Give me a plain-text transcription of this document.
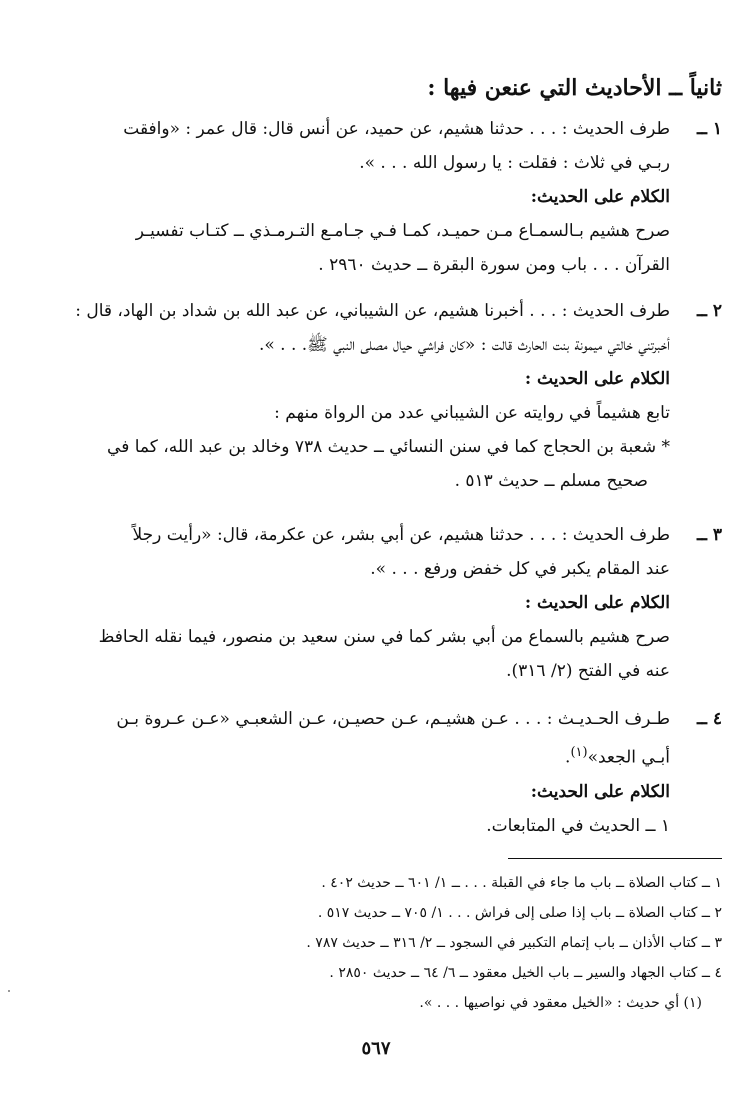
ثانياً ــ الأحاديث التي عنعن فيها :
١ ــطرف الحديث : . . . حدثنا هشيم، عن حميد، عن أنس قال: قال عمر : «وافقت
ربـي في ثلاث : فقلت : يا رسول الله . . . ».
الكلام على الحديث:
صرح هشيم بـالسمـاع مـن حميـد، كمـا فـي جـامـع التـرمـذي ــ كتـاب تفسيـر
القرآن . . . باب ومن سورة البقرة ــ حديث ٢٩٦٠ .
٢ ــطرف الحديث : . . . أخبرنا هشيم، عن الشيباني، عن عبد الله بن شداد بن الهاد، قال :
أخبرتني خالتي ميمونة بنت الحارث قالت : «كان فراشي حيال مصلى النبي ﷺ. . . ».
الكلام على الحديث :
تابع هشيماً في روايته عن الشيباني عدد من الرواة منهم :
* شعبة بن الحجاج كما في سنن النسائي ــ حديث ٧٣٨ وخالد بن عبد الله، كما في
صحيح مسلم ــ حديث ٥١٣ .
٣ ــطرف الحديث : . . . حدثنا هشيم، عن أبي بشر، عن عكرمة، قال: «رأيت رجلاً
عند المقام يكبر في كل خفض ورفع . . . ».
الكلام على الحديث :
صرح هشيم بالسماع من أبي بشر كما في سنن سعيد بن منصور، فيما نقله الحافظ
عنه في الفتح (٢/ ٣١٦).
٤ ــطـرف الحـديـث : . . . عـن هشيـم، عـن حصيـن، عـن الشعبـي «عـن عـروة بـن
أبـي الجعد»$^{(١)}$.
الكلام على الحديث:
١ ــ الحديث في المتابعات.
١ ــ كتاب الصلاة ــ باب ما جاء في القبلة . . . ــ ١/ ٦٠١ ــ حديث ٤٠٢ .
٢ ــ كتاب الصلاة ــ باب إذا صلى إلى فراش . . . ١/ ٧٠٥ ــ حديث ٥١٧ .
٣ ــ كتاب الأذان ــ باب إتمام التكبير في السجود ــ ٢/ ٣١٦ ــ حديث ٧٨٧ .
٤ ــ كتاب الجهاد والسير ــ باب الخيل معقود ــ ٦/ ٦٤ ــ حديث ٢٨٥٠ .
(١) أي حديث : «الخيل معقود في نواصيها . . . ».
٥٦٧
